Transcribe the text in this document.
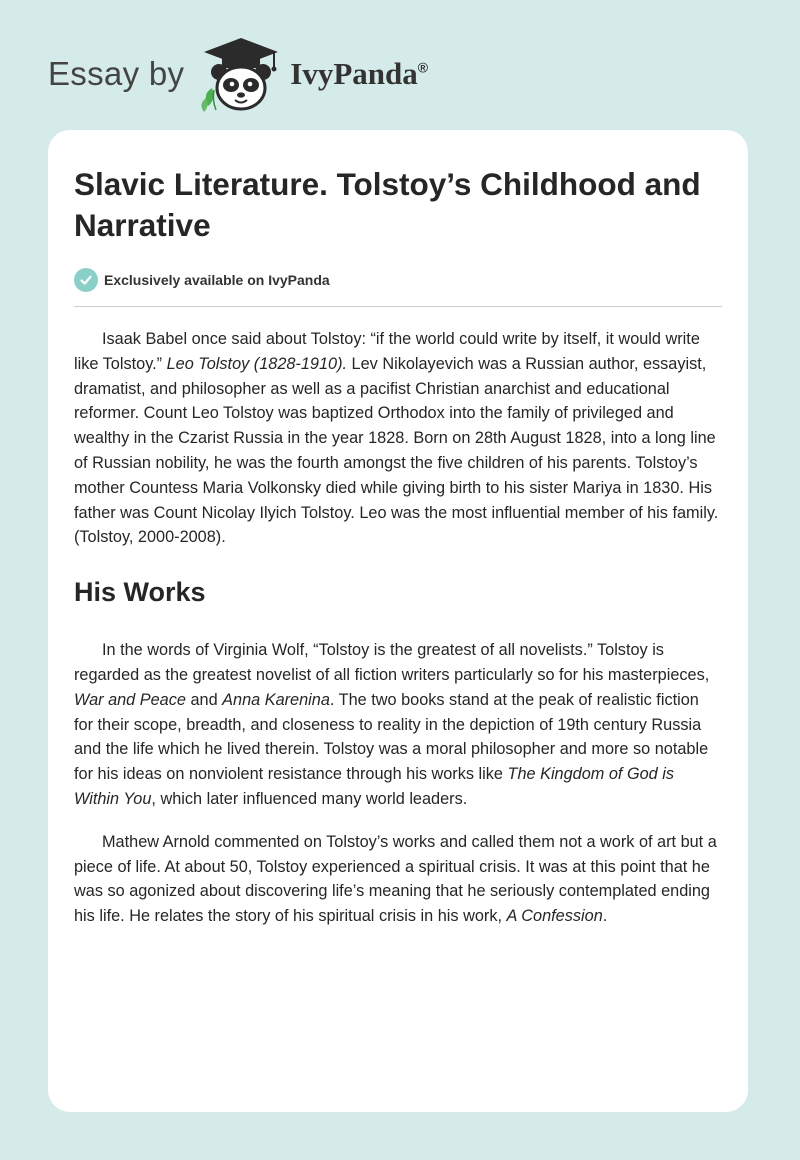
Essay by	IvyPanda®
Slavic Literature. Tolstoy’s Childhood and Narrative
Exclusively available on IvyPanda

Isaak Babel once said about Tolstoy: “if the world could write by itself, it would write like Tolstoy.” Leo Tolstoy (1828-1910). Lev Nikolayevich was a Russian author, essayist, dramatist, and philosopher as well as a pacifist Christian anarchist and educational reformer. Count Leo Tolstoy was baptized Orthodox into the family of privileged and wealthy in the Czarist Russia in the year 1828. Born on 28th August 1828, into a long line of Russian nobility, he was the fourth amongst the five children of his parents. Tolstoy’s mother Countess Maria Volkonsky died while giving birth to his sister Mariya in 1830. His father was Count Nicolay Ilyich Tolstoy. Leo was the most influential member of his family. (Tolstoy, 2000-2008).

His Works

In the words of Virginia Wolf, “Tolstoy is the greatest of all novelists.” Tolstoy is regarded as the greatest novelist of all fiction writers particularly so for his masterpieces, War and Peace and Anna Karenina. The two books stand at the peak of realistic fiction for their scope, breadth, and closeness to reality in the depiction of 19th century Russia and the life which he lived therein. Tolstoy was a moral philosopher and more so notable for his ideas on nonviolent resistance through his works like The Kingdom of God is Within You, which later influenced many world leaders.

Mathew Arnold commented on Tolstoy’s works and called them not a work of art but a piece of life. At about 50, Tolstoy experienced a spiritual crisis. It was at this point that he was so agonized about discovering life’s meaning that he seriously contemplated ending his life. He relates the story of his spiritual crisis in his work, A Confession.
